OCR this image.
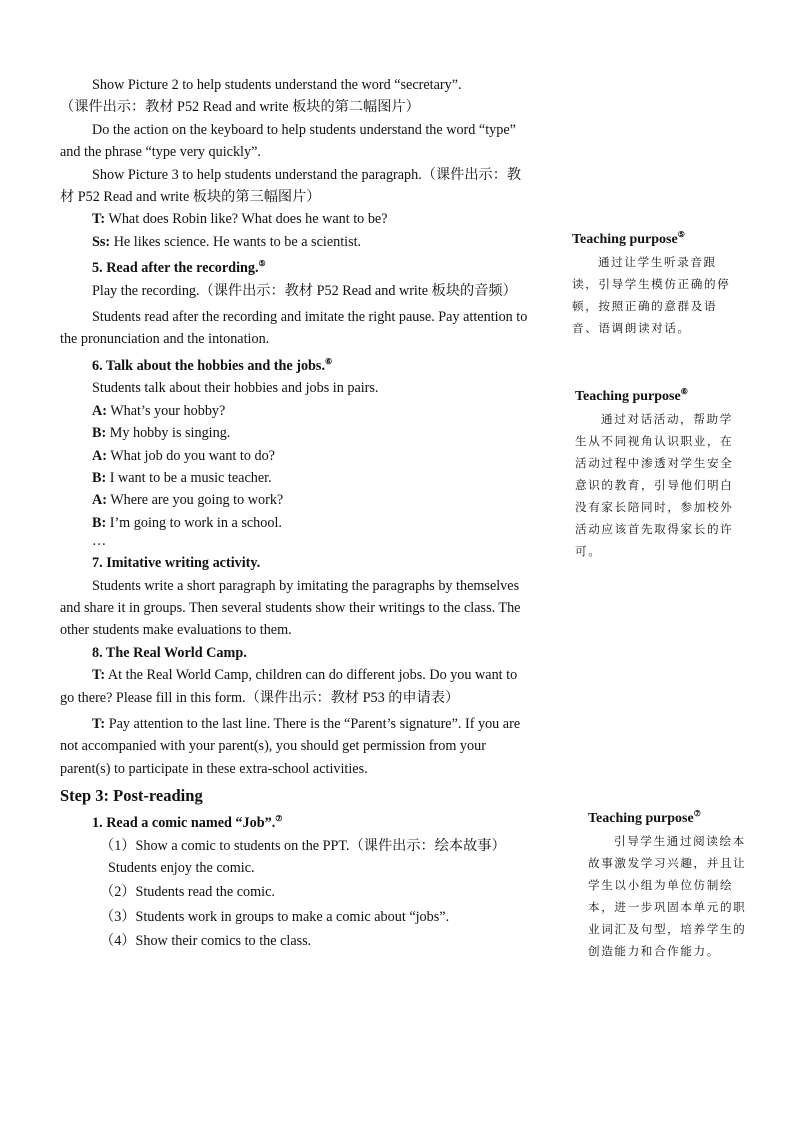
Show Picture 2 to help students understand the word “secretary”.

（课件出示：教材 P52 Read and write 板块的第二幅图片）

Do the action on the keyboard to help students understand the word “type” and the phrase “type very quickly”.

Show Picture 3 to help students understand the paragraph.（课件出示：教材 P52 Read and write 板块的第三幅图片）

T: What does Robin like? What does he want to be?

Ss: He likes science. He wants to be a scientist.

5. Read after the recording.⑤

Play the recording.（课件出示：教材 P52 Read and write 板块的音频）

Students read after the recording and imitate the right pause. Pay attention to the pronunciation and the intonation.

6. Talk about the hobbies and the jobs.⑥

Students talk about their hobbies and jobs in pairs.

A: What’s your hobby?

B: My hobby is singing.

A: What job do you want to do?

B: I want to be a music teacher.

A: Where are you going to work?

B: I’m going to work in a school.

…

7. Imitative writing activity.

Students write a short paragraph by imitating the paragraphs by themselves and share it in groups. Then several students show their writings to the class. The other students make evaluations to them.

8. The Real World Camp.

T: At the Real World Camp, children can do different jobs. Do you want to go there? Please fill in this form.（课件出示：教材 P53 的申请表）

T: Pay attention to the last line. There is the “Parent’s signature”. If you are not accompanied with your parent(s), you should get permission from your parent(s) to participate in these extra-school activities.

Step 3: Post-reading

1. Read a comic named “Job”.⑦

（1）Show a comic to students on the PPT.（课件出示：绘本故事）

Students enjoy the comic.

（2）Students read the comic.

（3）Students work in groups to make a comic about “jobs”.

（4）Show their comics to the class.

Teaching purpose⑤
通过让学生听录音跟读，引导学生模仿正确的停顿，按照正确的意群及语音、语调朗读对话。
Teaching purpose⑥
通过对话活动，帮助学生从不同视角认识职业，在活动过程中渗透对学生安全意识的教育，引导他们明白没有家长陪同时，参加校外活动应该首先取得家长的许可。
Teaching purpose⑦
引导学生通过阅读绘本故事激发学习兴趣，并且让学生以小组为单位仿制绘本，进一步巩固本单元的职业词汇及句型，培养学生的创造能力和合作能力。
